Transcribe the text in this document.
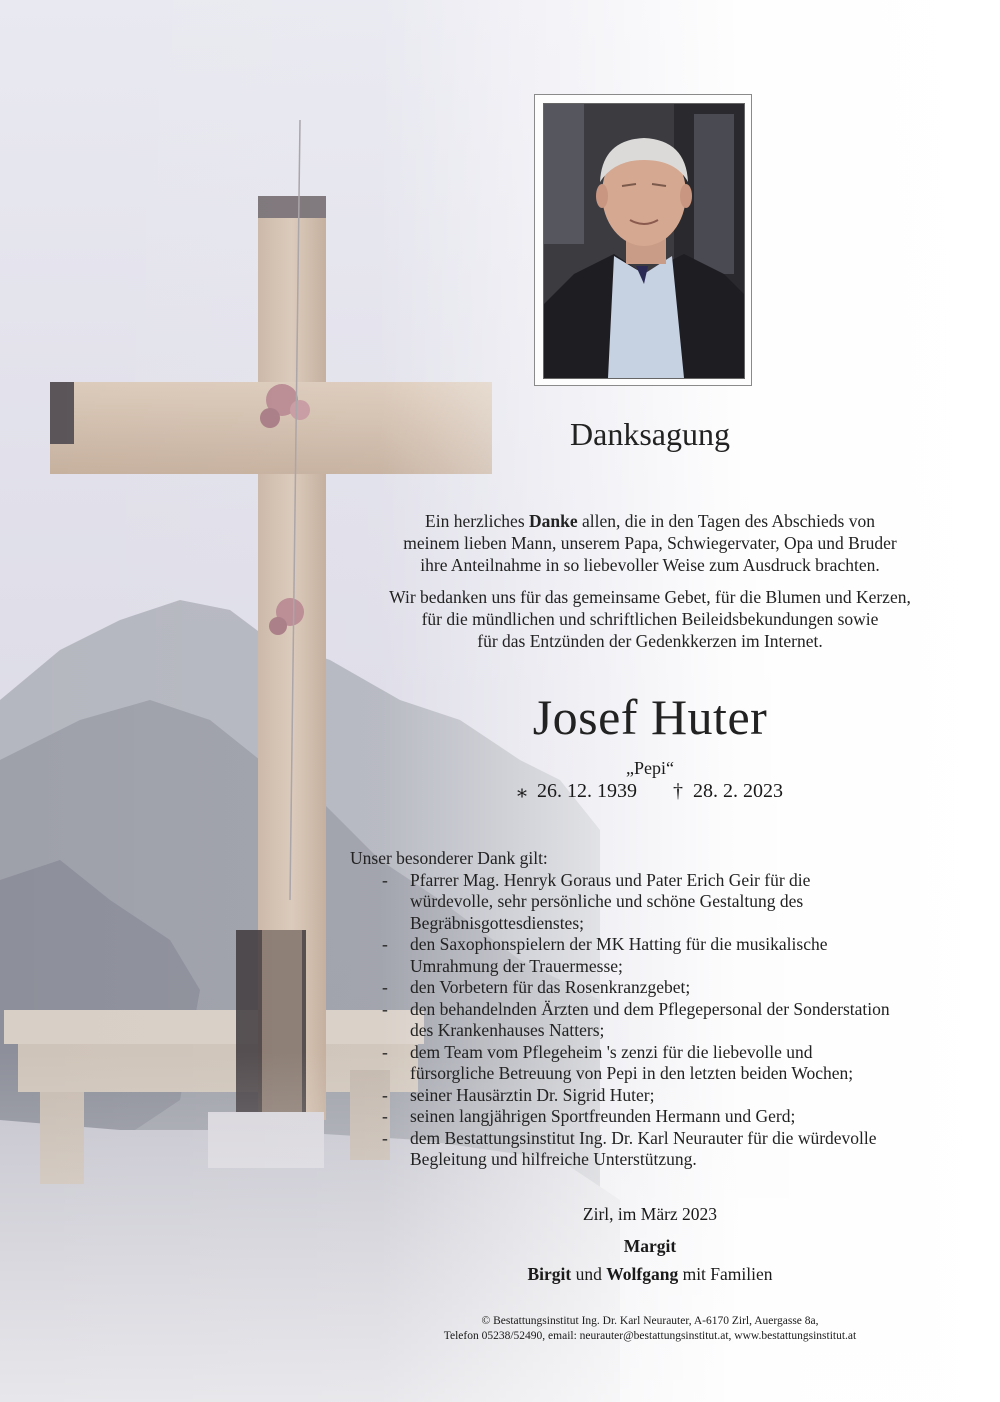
Danksagung
Ein herzliches Danke allen, die in den Tagen des Abschieds von
meinem lieben Mann, unserem Papa, Schwiegervater, Opa und Bruder
ihre Anteilnahme in so liebevoller Weise zum Ausdruck brachten.
Wir bedanken uns für das gemeinsame Gebet, für die Blumen und Kerzen,
für die mündlichen und schriftlichen Beileidsbekundungen sowie
für das Entzünden der Gedenkkerzen im Internet.
Josef Huter
„Pepi“
⁎ 26. 12. 1939 † 28. 2. 2023
Unser besonderer Dank gilt:
- Pfarrer Mag. Henryk Goraus und Pater Erich Geir für die
würdevolle, sehr persönliche und schöne Gestaltung des
Begräbnisgottesdienstes;
- den Saxophonspielern der MK Hatting für die musikalische
Umrahmung der Trauermesse;
- den Vorbetern für das Rosenkranzgebet;
- den behandelnden Ärzten und dem Pflegepersonal der Sonderstation
des Krankenhauses Natters;
- dem Team vom Pflegeheim 's zenzi für die liebevolle und
fürsorgliche Betreuung von Pepi in den letzten beiden Wochen;
- seiner Hausärztin Dr. Sigrid Huter;
- seinen langjährigen Sportfreunden Hermann und Gerd;
- dem Bestattungsinstitut Ing. Dr. Karl Neurauter für die würdevolle
Begleitung und hilfreiche Unterstützung.
Zirl, im März 2023
Margit
Birgit und Wolfgang mit Familien
© Bestattungsinstitut Ing. Dr. Karl Neurauter, A-6170 Zirl, Auergasse 8a,
Telefon 05238/52490, email: neurauter@bestattungsinstitut.at, www.bestattungsinstitut.at
